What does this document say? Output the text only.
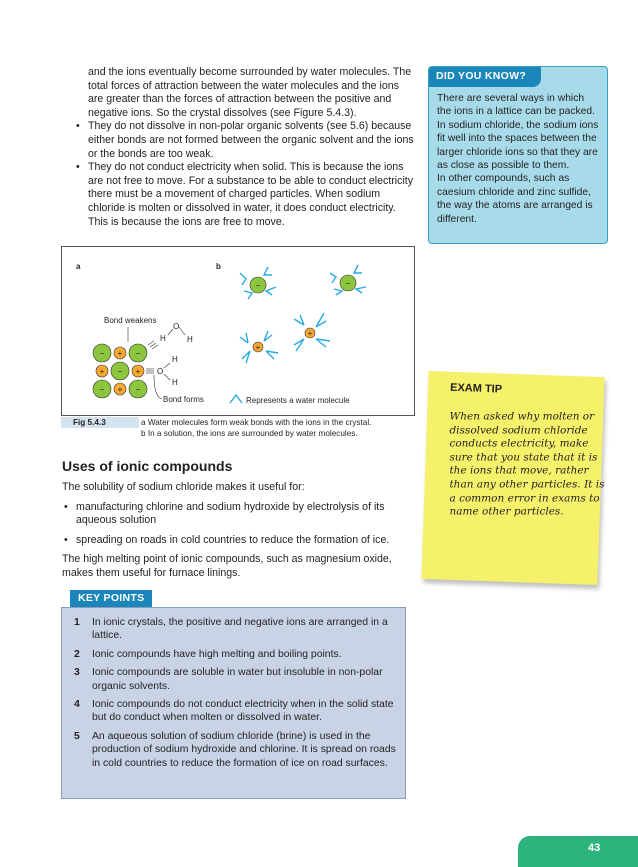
and the ions eventually become surrounded by water molecules. The total forces of attraction between the water molecules and the ions are greater than the forces of attraction between the positive and negative ions. So the crystal dissolves (see Figure 5.4.3).
• They do not dissolve in non-polar organic solvents (see 5.6) because either bonds are not formed between the organic solvent and the ions or the bonds are too weak.
• They do not conduct electricity when solid. This is because the ions are not free to move. For a substance to be able to conduct electricity there must be a movement of charged particles. When sodium chloride is molten or dissolved in water, it does conduct electricity. This is because the ions are free to move.
DID YOU KNOW?

There are several ways in which the ions in a lattice can be packed. In sodium chloride, the sodium ions fit well into the spaces between the larger chloride ions so that they are as close as possible to them.

In other compounds, such as caesium chloride and zinc sulfide, the way the atoms are arranged is different.

a	b
− + −
+ − +
− + −
O
H	H
O
H
H
Bond weakens
Bond forms
−	−
+
+
Represents a water molecule
Fig 5.4.3	a Water molecules form weak bonds with the ions in the crystal.
b In a solution, the ions are surrounded by water molecules.
Uses of ionic compounds

The solubility of sodium chloride makes it useful for:

• manufacturing chlorine and sodium hydroxide by electrolysis of its aqueous solution
• spreading on roads in cold countries to reduce the formation of ice.

The high melting point of ionic compounds, such as magnesium oxide, makes them useful for furnace linings.

EXAM TIP
When asked why molten or dissolved sodium chloride conducts electricity, make sure that you state that it is the ions that move, rather than any other particles. It is a common error in exams to name other particles.
KEY POINTS
1 In ionic crystals, the positive and negative ions are arranged in a lattice.
2 Ionic compounds have high melting and boiling points.
3 Ionic compounds are soluble in water but insoluble in non-polar organic solvents.
4 Ionic compounds do not conduct electricity when in the solid state but do conduct when molten or dissolved in water.
5 An aqueous solution of sodium chloride (brine) is used in the production of sodium hydroxide and chlorine. It is spread on roads in cold countries to reduce the formation of ice on road surfaces.
43
